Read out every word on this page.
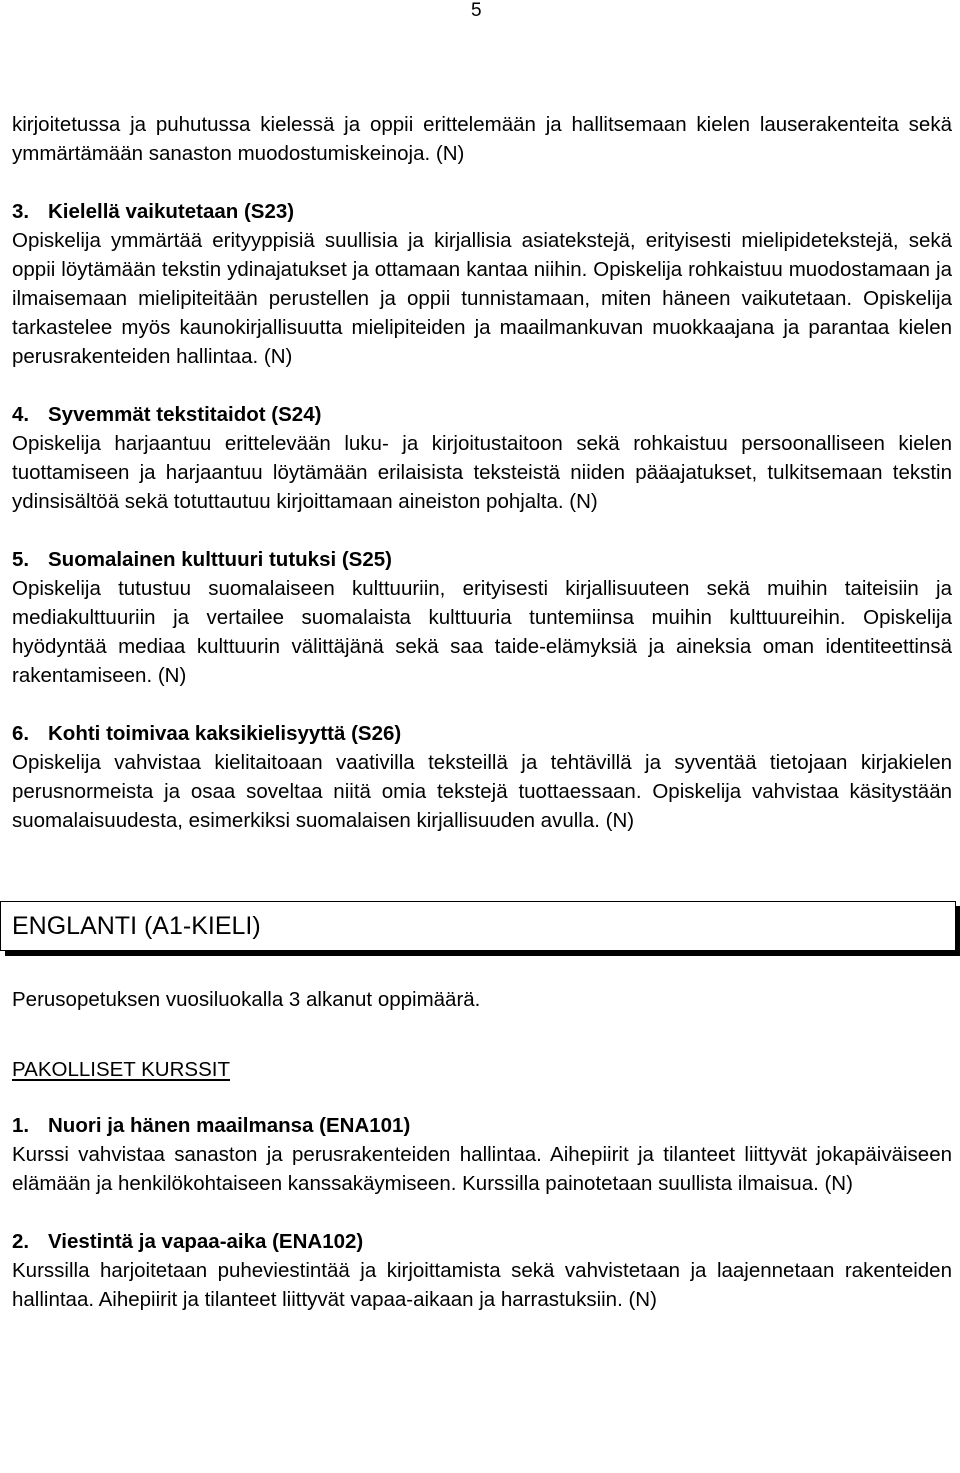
5

kirjoitetussa ja puhutussa kielessä ja oppii erittelemään ja hallitsemaan kielen lauserakenteita sekä ymmärtämään sanaston muodostumiskeinoja. (N)

3. Kielellä vaikutetaan (S23)

Opiskelija ymmärtää erityyppisiä suullisia ja kirjallisia asiatekstejä, erityisesti mielipidetekstejä, sekä oppii löytämään tekstin ydinajatukset ja ottamaan kantaa niihin. Opiskelija rohkaistuu muodostamaan ja ilmaisemaan mielipiteitään perustellen ja oppii tunnistamaan, miten häneen vaikutetaan. Opiskelija tarkastelee myös kaunokirjallisuutta mielipiteiden ja maailmankuvan muokkaajana ja parantaa kielen perusrakenteiden hallintaa. (N)

4. Syvemmät tekstitaidot (S24)

Opiskelija harjaantuu erittelevään luku- ja kirjoitustaitoon sekä rohkaistuu persoonalliseen kielen tuottamiseen ja harjaantuu löytämään erilaisista teksteistä niiden pääajatukset, tulkitsemaan tekstin ydinsisältöä sekä totuttautuu kirjoittamaan aineiston pohjalta. (N)

5. Suomalainen kulttuuri tutuksi (S25)

Opiskelija tutustuu suomalaiseen kulttuuriin, erityisesti kirjallisuuteen sekä muihin taiteisiin ja mediakulttuuriin ja vertailee suomalaista kulttuuria tuntemiinsa muihin kulttuureihin. Opiskelija hyödyntää mediaa kulttuurin välittäjänä sekä saa taide-elämyksiä ja aineksia oman identiteettinsä rakentamiseen. (N)

6. Kohti toimivaa kaksikielisyyttä (S26)

Opiskelija vahvistaa kielitaitoaan vaativilla teksteillä ja tehtävillä ja syventää tietojaan kirjakielen perusnormeista ja osaa soveltaa niitä omia tekstejä tuottaessaan. Opiskelija vahvistaa käsitystään suomalaisuudesta, esimerkiksi suomalaisen kirjallisuuden avulla. (N)

ENGLANTI (A1-KIELI)

Perusopetuksen vuosiluokalla 3 alkanut oppimäärä.

PAKOLLISET KURSSIT

1. Nuori ja hänen maailmansa (ENA101)

Kurssi vahvistaa sanaston ja perusrakenteiden hallintaa. Aihepiirit ja tilanteet liittyvät jokapäiväiseen elämään ja henkilökohtaiseen kanssakäymiseen. Kurssilla painotetaan suullista ilmaisua. (N)

2. Viestintä ja vapaa-aika (ENA102)

Kurssilla harjoitetaan puheviestintää ja kirjoittamista sekä vahvistetaan ja laajennetaan rakenteiden hallintaa. Aihepiirit ja tilanteet liittyvät vapaa-aikaan ja harrastuksiin. (N)
